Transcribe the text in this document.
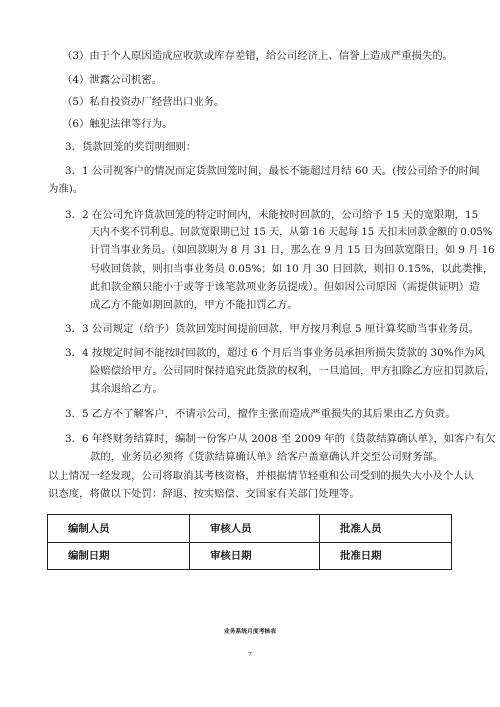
（3）由于个人原因造成应收款或库存差错，给公司经济上、信誉上造成严重损失的。
（4）泄露公司机密。
（5）私自投资办厂经营出口业务。
（6）触犯法律等行为。
3．货款回笼的奖罚明细则：
3．1 公司视客户的情况而定货款回笼时间，最长不能超过月结 60 天。(按公司给予的时间
为准)。
3．2 在公司允许货款回笼的特定时间内，未能按时回款的，公司给予 15 天的宽限期，15
天内不奖不罚利息。回款宽限期已过 15 天，从第 16 天起每 15 天扣未回款金额的 0.05%
计罚当事业务员。（如回款期为 8 月 31 日，那么在 9 月 15 日为回款宽限日，如 9 月 16
号收回货款，则扣当事业务员 0.05%；如 10 月 30 日回款，则扣 0.15%，以此类推，
此扣款金额只能小于或等于该笔款项业务员提成）。但如因公司原因（需提供证明）造
成乙方不能如期回款的，甲方不能扣罚乙方。
3．3 公司规定（给予）货款回笼时间提前回款，甲方按月利息 5 厘计算奖励当事业务员。
3．4 按规定时间不能按时回款的，超过 6 个月后当事业务员承担所损失货款的 30%作为风
险赔偿给甲方。公司同时保持追究此货款的权利，一旦追回，甲方扣除乙方应扣罚款后，
其余退给乙方。
3．5 乙方不了解客户，不请示公司，擅作主张而造成严重损失的其后果由乙方负责。
3．6 年终财务结算时，编制一份客户从 2008 至 2009 年的《货款结算确认单》，如客户有欠
款的，业务员必须将《货款结算确认单》给客户盖章确认并交至公司财务部。
以上情况一经发现，公司将取消其考核资格，并根据情节轻重和公司受到的损失大小及个人认
识态度，将做以下处罚：辞退、按实赔偿、交国家有关部门处理等。
编制人员	审核人员	批准人员
编制日期	审核日期	批准日期
业务系统月度考核表
7
